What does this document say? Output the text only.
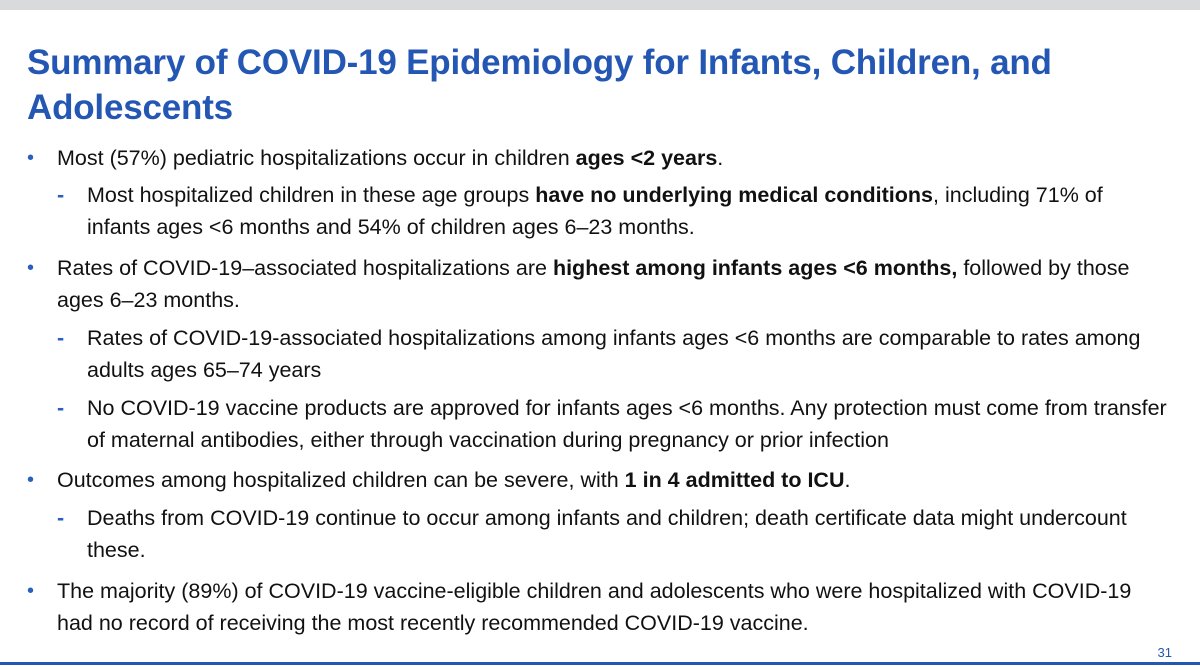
Summary of COVID-19 Epidemiology for Infants, Children, and Adolescents

• Most (57%) pediatric hospitalizations occur in children ages <2 years.

- Most hospitalized children in these age groups have no underlying medical conditions, including 71% of infants ages <6 months and 54% of children ages 6–23 months.

• Rates of COVID-19–associated hospitalizations are highest among infants ages <6 months, followed by those ages 6–23 months.

- Rates of COVID-19-associated hospitalizations among infants ages <6 months are comparable to rates among adults ages 65–74 years

- No COVID-19 vaccine products are approved for infants ages <6 months. Any protection must come from transfer of maternal antibodies, either through vaccination during pregnancy or prior infection

• Outcomes among hospitalized children can be severe, with 1 in 4 admitted to ICU.

- Deaths from COVID-19 continue to occur among infants and children; death certificate data might undercount these.

• The majority (89%) of COVID-19 vaccine-eligible children and adolescents who were hospitalized with COVID-19 had no record of receiving the most recently recommended COVID-19 vaccine.

31
